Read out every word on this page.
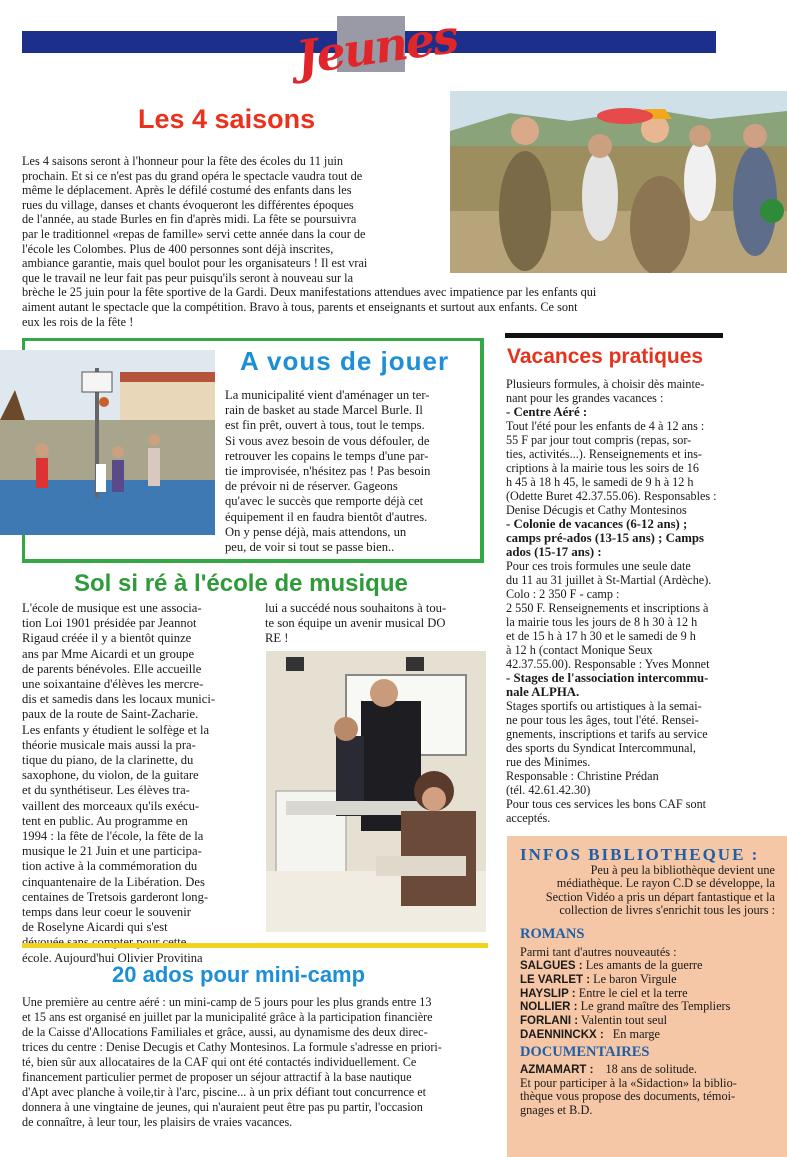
Jeunes
Les 4 saisons
Les 4 saisons seront à l'honneur pour la fête des écoles du 11 juin
prochain. Et si ce n'est pas du grand opéra le spectacle vaudra tout de
même le déplacement. Après le défilé costumé des enfants dans les
rues du village, danses et chants évoqueront les différentes époques
de l'année, au stade Burles en fin d'après midi. La fête se poursuivra
par le traditionnel «repas de famille» servi cette année dans la cour de
l'école les Colombes. Plus de 400 personnes sont déjà inscrites,
ambiance garantie, mais quel boulot pour les organisateurs ! Il est vrai
que le travail ne leur fait pas peur puisqu'ils seront à nouveau sur la
brèche le 25 juin pour la fête sportive de la Gardi. Deux manifestations attendues avec impatience par les enfants qui
aiment autant le spectacle que la compétition. Bravo à tous, parents et enseignants et surtout aux enfants. Ce sont
eux les rois de la fête !
A vous de jouer
La municipalité vient d'aménager un ter-
rain de basket au stade Marcel Burle. Il
est fin prêt, ouvert à tous, tout le temps.
Si vous avez besoin de vous défouler, de
retrouver les copains le temps d'une par-
tie improvisée, n'hésitez pas ! Pas besoin
de prévoir ni de réserver. Gageons
qu'avec le succès que remporte déjà cet
équipement il en faudra bientôt d'autres.
On y pense déjà, mais attendons, un
peu, de voir si tout se passe bien..
Vacances pratiques
Plusieurs formules, à choisir dès mainte-
nant pour les grandes vacances :
- Centre Aéré :
Tout l'été pour les enfants de 4 à 12 ans :
55 F par jour tout compris (repas, sor-
ties, activités...). Renseignements et ins-
criptions à la mairie tous les soirs de 16
h 45 à 18 h 45, le samedi de 9 h à 12 h
(Odette Buret 42.37.55.06). Responsables :
Denise Décugis et Cathy Montesinos
- Colonie de vacances (6-12 ans) ;
camps pré-ados (13-15 ans) ; Camps
ados (15-17 ans) :
Pour ces trois formules une seule date
du 11 au 31 juillet à St-Martial (Ardèche).
Colo : 2 350 F - camp :
2 550 F. Renseignements et inscriptions à
la mairie tous les jours de 8 h 30 à 12 h
et de 15 h à 17 h 30 et le samedi de 9 h
à 12 h (contact Monique Seux
42.37.55.00). Responsable : Yves Monnet
- Stages de l'association intercommu-
nale ALPHA.
Stages sportifs ou artistiques à la semai-
ne pour tous les âges, tout l'été. Rensei-
gnements, inscriptions et tarifs au service
des sports du Syndicat Intercommunal,
rue des Minimes.
Responsable : Christine Prédan
(tél. 42.61.42.30)
Pour tous ces services les bons CAF sont
acceptés.
Sol si ré à l'école de musique
L'école de musique est une associa-
tion Loi 1901 présidée par Jeannot
Rigaud créée il y a bientôt quinze
ans par Mme Aicardi et un groupe
de parents bénévoles. Elle accueille
une soixantaine d'élèves les mercre-
dis et samedis dans les locaux munici-
paux de la route de Saint-Zacharie.
Les enfants y étudient le solfège et la
théorie musicale mais aussi la pra-
tique du piano, de la clarinette, du
saxophone, du violon, de la guitare
et du synthétiseur. Les élèves tra-
vaillent des morceaux qu'ils exécu-
tent en public. Au programme en
1994 : la fête de l'école, la fête de la
musique le 21 Juin et une participa-
tion active à la commémoration du
cinquantenaire de la Libération. Des
centaines de Tretsois garderont long-
temps dans leur coeur le souvenir
de Roselyne Aicardi qui s'est
école. Aujourd'hui Olivier Provitina
lui a succédé nous souhaitons à tou-
te son équipe un avenir musical DO
RE !
INFOS BIBLIOTHEQUE :
Peu à peu la bibliothèque devient une
médiathèque. Le rayon C.D se développe, la
Section Vidéo a pris un départ fantastique et la
collection de livres s'enrichit tous les jours :
ROMANS
Parmi tant d'autres nouveautés :
SALGUES : Les amants de la guerre
LE VARLET : Le baron Virgule
HAYSLIP : Entre le ciel et la terre
NOLLIER : Le grand maître des Templiers
FORLANI : Valentin tout seul
DAENNINCKX : En marge
DOCUMENTAIRES
AZMAMART : 18 ans de solitude.
Et pour participer à la «Sidaction» la biblio-
thèque vous propose des documents, témoi-
gnages et B.D.
20 ados pour mini-camp
Une première au centre aéré : un mini-camp de 5 jours pour les plus grands entre 13
et 15 ans est organisé en juillet par la municipalité grâce à la participation financière
de la Caisse d'Allocations Familiales et grâce, aussi, au dynamisme des deux direc-
trices du centre : Denise Decugis et Cathy Montesinos. La formule s'adresse en priori-
té, bien sûr aux allocataires de la CAF qui ont été contactés individuellement. Ce
financement particulier permet de proposer un séjour attractif à la base nautique
d'Apt avec planche à voile,tir à l'arc, piscine... à un prix défiant tout concurrence et
donnera à une vingtaine de jeunes, qui n'auraient peut être pas pu partir, l'occasion
de connaître, à leur tour, les plaisirs de vraies vacances.
